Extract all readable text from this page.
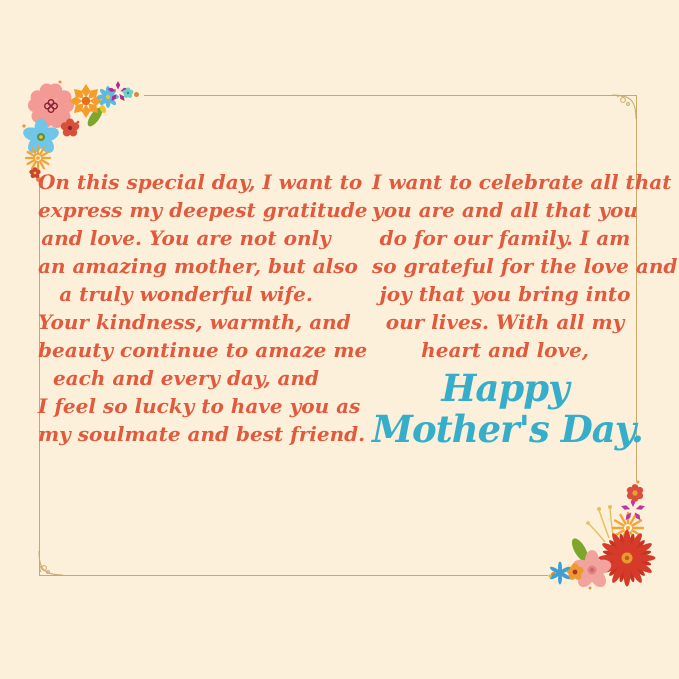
On this special day, I want to
express my deepest gratitude
and love. You are not only
an amazing mother, but also
a truly wonderful wife.
Your kindness, warmth, and
beauty continue to amaze me
each and every day, and
I feel so lucky to have you as
my soulmate and best friend.
I want to celebrate all that
you are and all that you
do for our family. I am
so grateful for the love and
joy that you bring into
our lives. With all my
heart and love,
Happy
Mother's Day.
